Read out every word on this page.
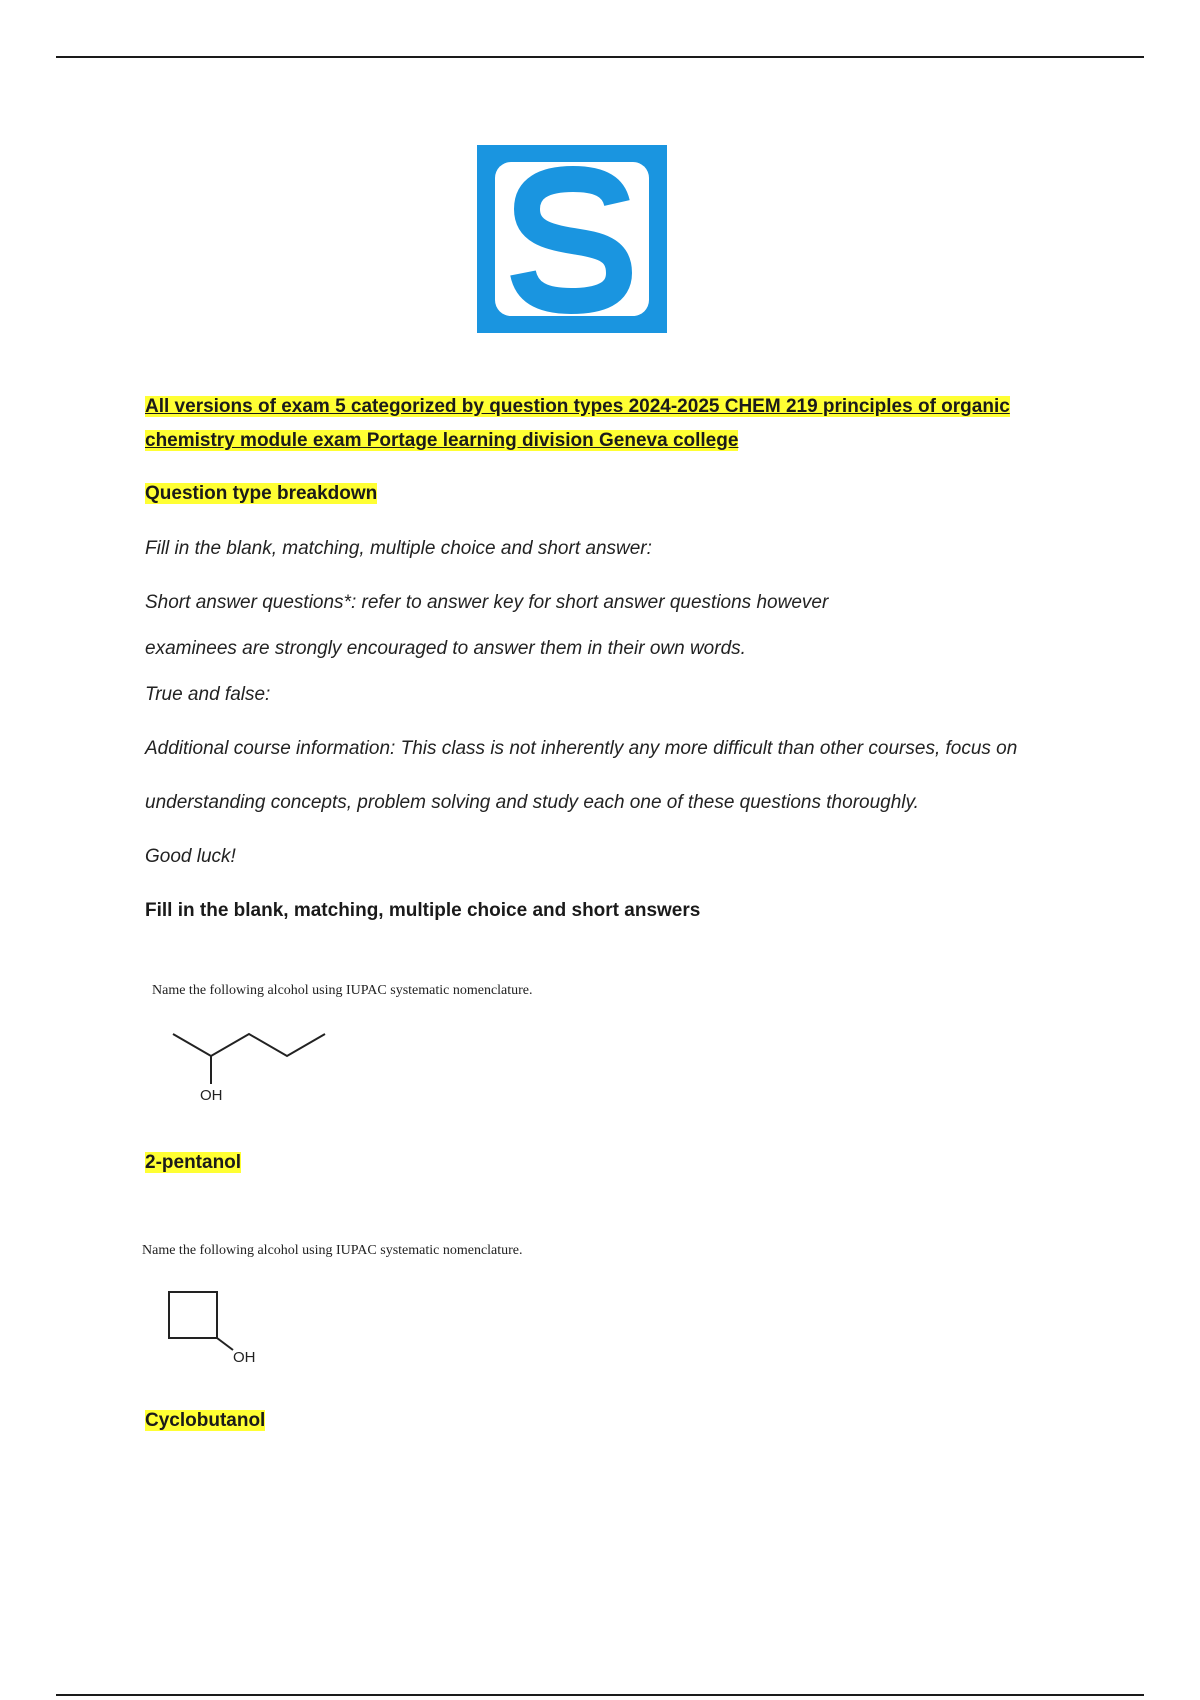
All versions of exam 5 categorized by question types 2024-2025 CHEM 219 principles of organic chemistry module exam Portage learning division Geneva college

Question type breakdown

Fill in the blank, matching, multiple choice and short answer:

Short answer questions*: refer to answer key for short answer questions however

examinees are strongly encouraged to answer them in their own words.

True and false:

Additional course information: This class is not inherently any more difficult than other courses, focus on

understanding concepts, problem solving and study each one of these questions thoroughly.

Good luck!

Fill in the blank, matching, multiple choice and short answers

Name the following alcohol using IUPAC systematic nomenclature.

OH

2-pentanol

Name the following alcohol using IUPAC systematic nomenclature.

OH

Cyclobutanol
